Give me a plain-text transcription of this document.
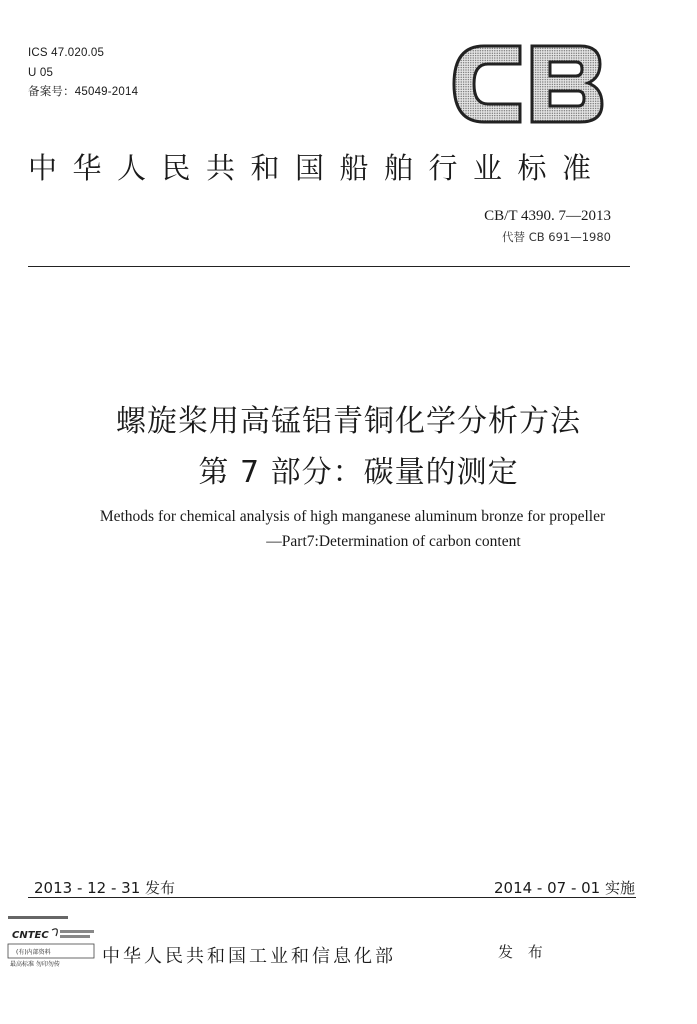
ICS 47.020.05
U 05
备案号：45049-2014
中华人民共和国船舶行业标准
CB/T 4390. 7—2013
代替 CB 691—1980
螺旋桨用高锰铝青铜化学分析方法
第 7 部分：碳量的测定
Methods for chemical analysis of high manganese aluminum bronze for propeller
—Part7:Determination of carbon content
2013 - 12 - 31 发布	2014 - 07 - 01 实施
CNTEC
(有)内部资料
最高标准 勿印勿传 中华人民共和国工业和信息化部	发 布
